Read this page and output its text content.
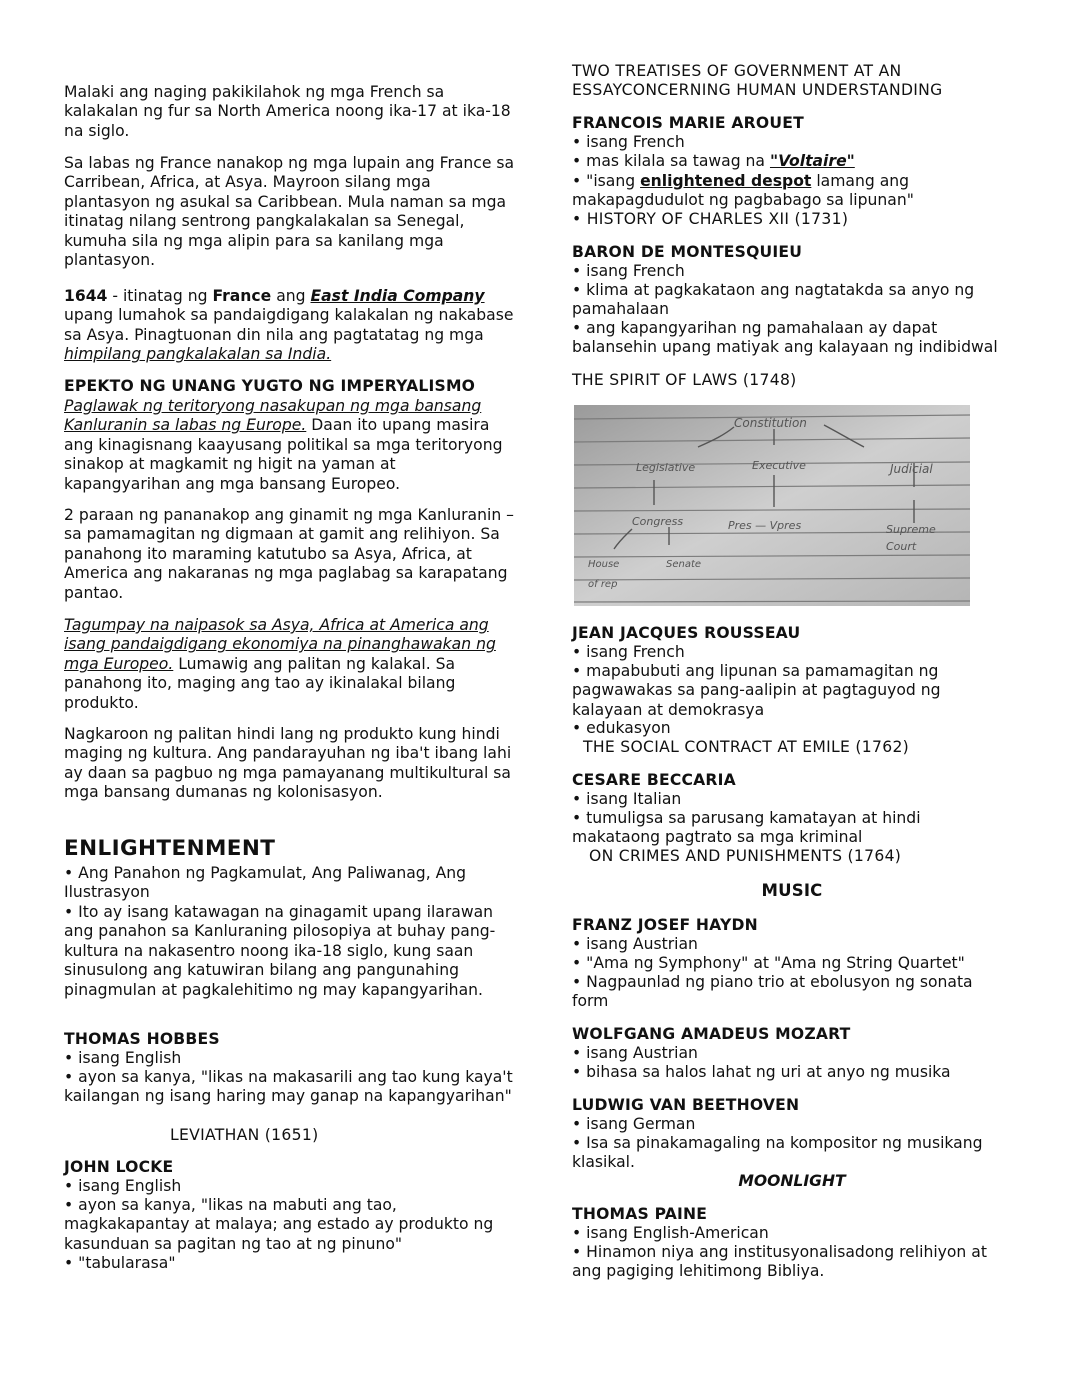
Malaki ang naging pakikilahok ng mga French sa kalakalan ng fur sa North America noong ika-17 at ika-18 na siglo.

Sa labas ng France nanakop ng mga lupain ang France sa Carribean, Africa, at Asya. Mayroon silang mga plantasyon ng asukal sa Caribbean. Mula naman sa mga itinatag nilang sentrong pangkalakalan sa Senegal, kumuha sila ng mga alipin para sa kanilang mga plantasyon.

1644 - itinatag ng France ang East India Company upang lumahok sa pandaigdigang kalakalan ng nakabase sa Asya. Pinagtuonan din nila ang pagtatatag ng mga himpilang pangkalakalan sa India.

EPEKTO NG UNANG YUGTO NG IMPERYALISMO

Paglawak ng teritoryong nasakupan ng mga bansang Kanluranin sa labas ng Europe. Daan ito upang masira ang kinagisnang kaayusang politikal sa mga teritoryong sinakop at magkamit ng higit na yaman at kapangyarihan ang mga bansang Europeo.

2 paraan ng pananakop ang ginamit ng mga Kanluranin – sa pamamagitan ng digmaan at gamit ang relihiyon. Sa panahong ito maraming katutubo sa Asya, Africa, at America ang nakaranas ng mga paglabag sa karapatang pantao.

Tagumpay na naipasok sa Asya, Africa at America ang isang pandaigdigang ekonomiya na pinanghawakan ng mga Europeo. Lumawig ang palitan ng kalakal. Sa panahong ito, maging ang tao ay ikinalakal bilang produkto.

Nagkaroon ng palitan hindi lang ng produkto kung hindi maging ng kultura. Ang pandarayuhan ng iba't ibang lahi ay daan sa pagbuo ng mga pamayanang multikultural sa mga bansang dumanas ng kolonisasyon.

ENLIGHTENMENT

• Ang Panahon ng Pagkamulat, Ang Paliwanag, Ang Ilustrasyon

• Ito ay isang katawagan na ginagamit upang ilarawan ang panahon sa Kanluraning pilosopiya at buhay pang-kultura na nakasentro noong ika-18 siglo, kung saan sinusulong ang katuwiran bilang ang pangunahing pinagmulan at pagkalehitimo ng may kapangyarihan.

THOMAS HOBBES

• isang English

• ayon sa kanya, "likas na makasarili ang tao kung kaya't kailangan ng isang haring may ganap na kapangyarihan"

LEVIATHAN (1651)

JOHN LOCKE

• isang English

• ayon sa kanya, "likas na mabuti ang tao, magkakapantay at malaya; ang estado ay produkto ng kasunduan sa pagitan ng tao at ng pinuno"

• "tabularasa"

TWO TREATISES OF GOVERNMENT AT AN ESSAYCONCERNING HUMAN UNDERSTANDING

FRANCOIS MARIE AROUET

• isang French

• mas kilala sa tawag na "Voltaire"

• "isang enlightened despot lamang ang makapagdudulot ng pagbabago sa lipunan"

• HISTORY OF CHARLES XII (1731)

BARON DE MONTESQUIEU

• isang French

• klima at pagkakataon ang nagtatakda sa anyo ng pamahalaan

• ang kapangyarihan ng pamahalaan ay dapat balansehin upang matiyak ang kalayaan ng indibidwal

THE SPIRIT OF LAWS (1748)

Constitution
Legislative	Executive	Judicial
Congress	Pres — Vpres	Supreme
Court
House
of rep
Senate

JEAN JACQUES ROUSSEAU

• isang French

• mapabubuti ang lipunan sa pamamagitan ng pagwawakas sa pang-aalipin at pagtaguyod ng kalayaan at demokrasya

• edukasyon

THE SOCIAL CONTRACT AT EMILE (1762)

CESARE BECCARIA

• isang Italian

• tumuligsa sa parusang kamatayan at hindi makataong pagtrato sa mga kriminal

ON CRIMES AND PUNISHMENTS (1764)

MUSIC

FRANZ JOSEF HAYDN

• isang Austrian

• "Ama ng Symphony" at "Ama ng String Quartet"

• Nagpaunlad ng piano trio at ebolusyon ng sonata form

WOLFGANG AMADEUS MOZART

• isang Austrian

• bihasa sa halos lahat ng uri at anyo ng musika

LUDWIG VAN BEETHOVEN

• isang German

• Isa sa pinakamagaling na kompositor ng musikang klasikal.

MOONLIGHT

THOMAS PAINE

• isang English-American

• Hinamon niya ang institusyonalisadong relihiyon at ang pagiging lehitimong Bibliya.
